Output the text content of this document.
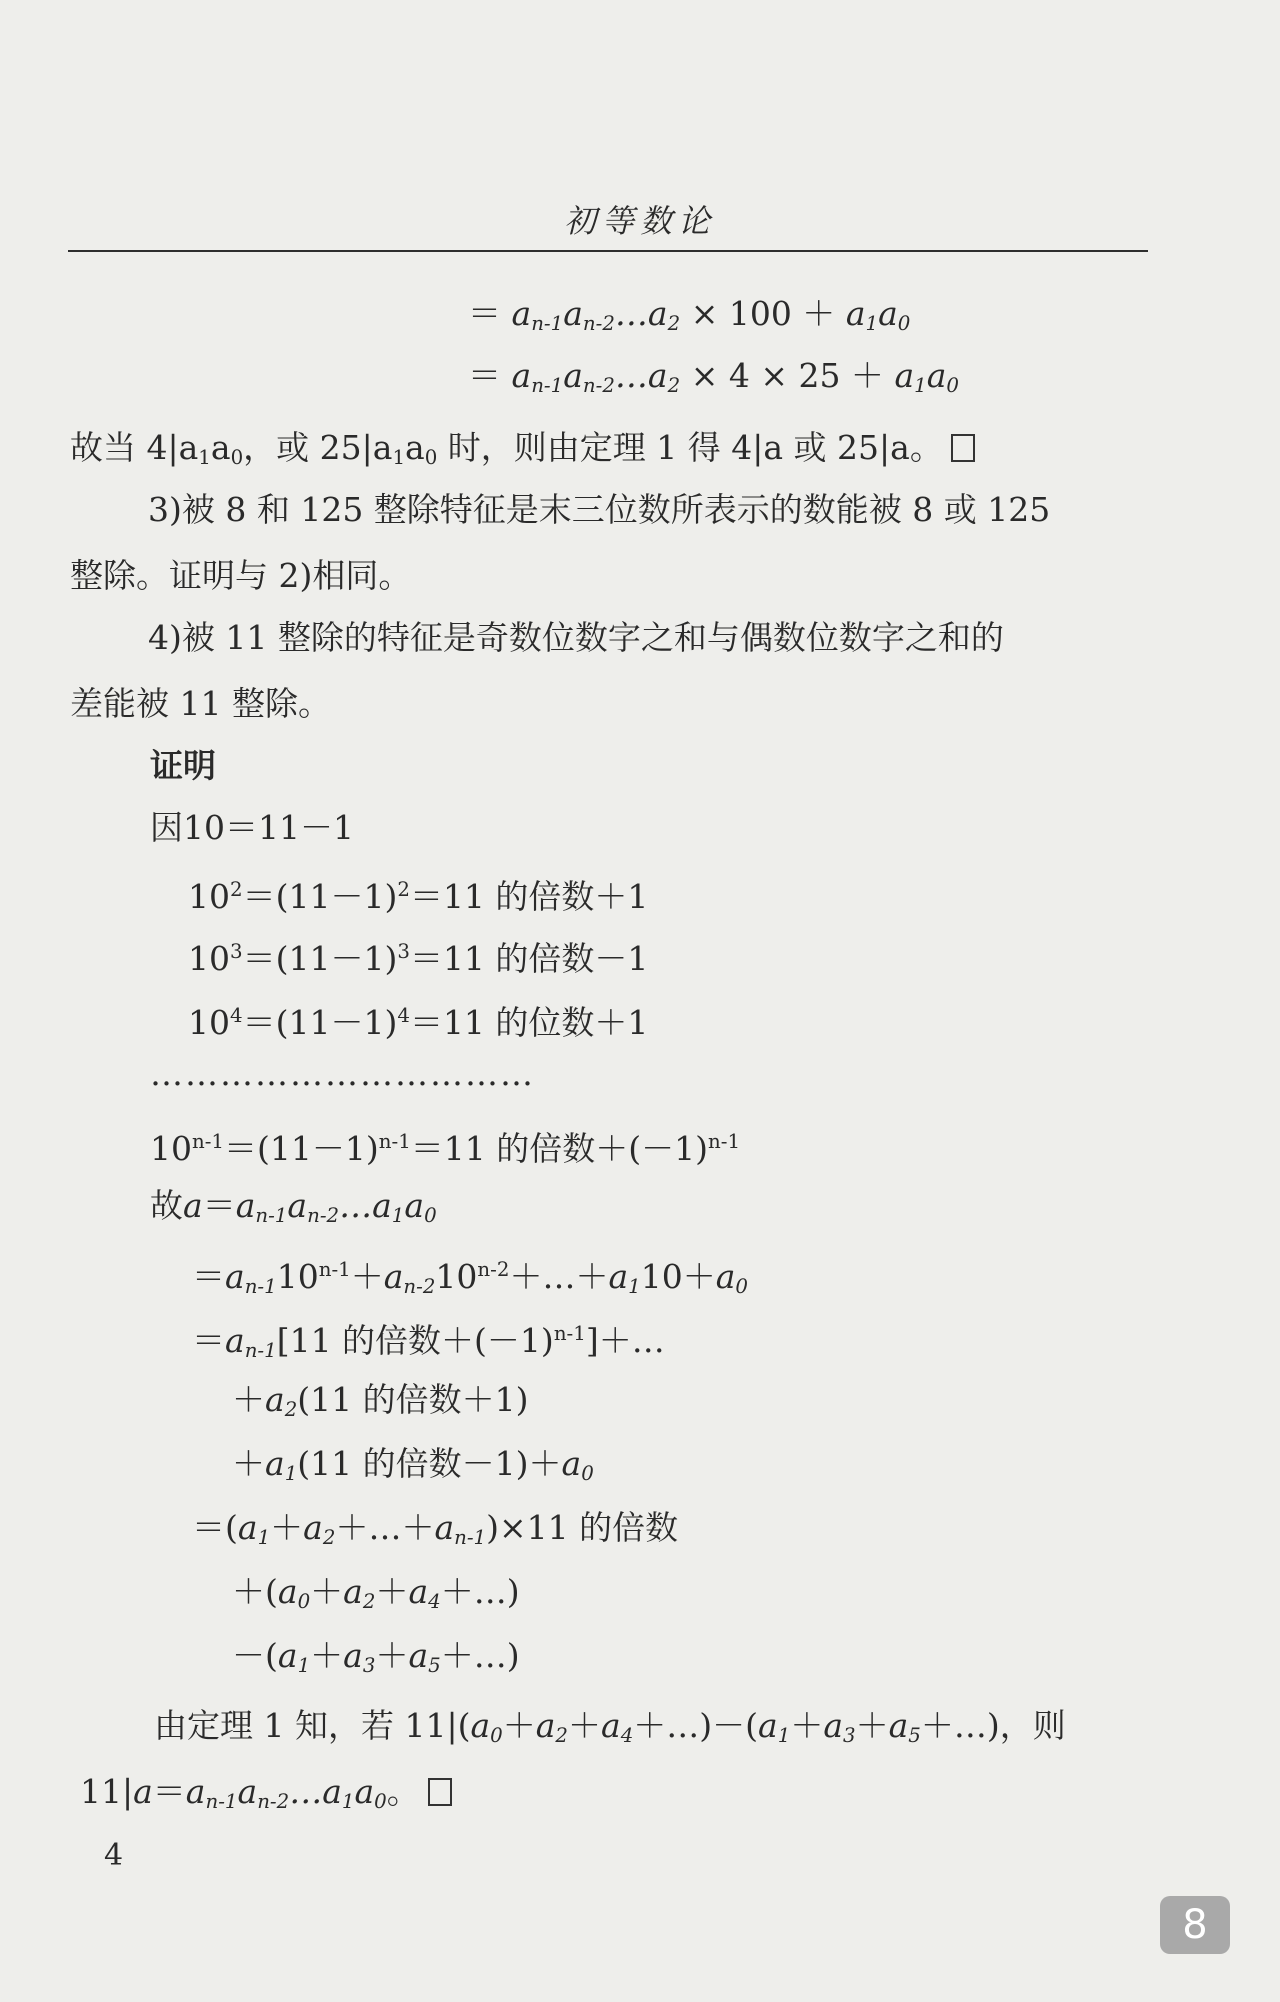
初等数论
＝ $a_{n-1}a_{n-2}\dots a_2 \times 100 + a_1a_0$
＝ $a_{n-1}a_{n-2}\dots a_2 \times 4 \times 25 + a_1a_0$
故当 $4|a_1a_0$，或 $25|a_1a_0$ 时，则由定理 1 得 4|a 或 25|a。
3)被 8 和 125 整除特征是末三位数所表示的数能被 8 或 125
整除。证明与 2)相同。
4)被 11 整除的特征是奇数位数字之和与偶数位数字之和的
差能被 11 整除。
证明
因10＝11－1
$10^2=(11-1)^2=11$ 的倍数＋1
$10^3=(11-1)^3=11$ 的倍数－1
$10^4=(11-1)^4=11$ 的位数＋1
……………………………
$10^{n-1}=(11-1)^{n-1}=11$ 的倍数$+(-1)^{n-1}$
故$a=a_{n-1}a_{n-2}\dots a_1a_0$
$=a_{n-1}10^{n-1}+a_{n-2}10^{n-2}+\dots+a_110+a_0$
$=a_{n-1}[11$ 的倍数$+(-1)^{n-1}]+\dots$
$+a_2(11$ 的倍数＋1)
$+a_1(11$ 的倍数$-1)+a_0$
$=(a_1+a_2+\dots+a_{n-1})\times 11$ 的倍数
$+(a_0+a_2+a_4+\dots)$
$-(a_1+a_3+a_5+\dots)$
由定理 1 知，若 $11|(a_0+a_2+a_4+\dots)-(a_1+a_3+a_5+\dots)$，则
$11|a=a_{n-1}a_{n-2}\dots a_1a_0$。
4
8
